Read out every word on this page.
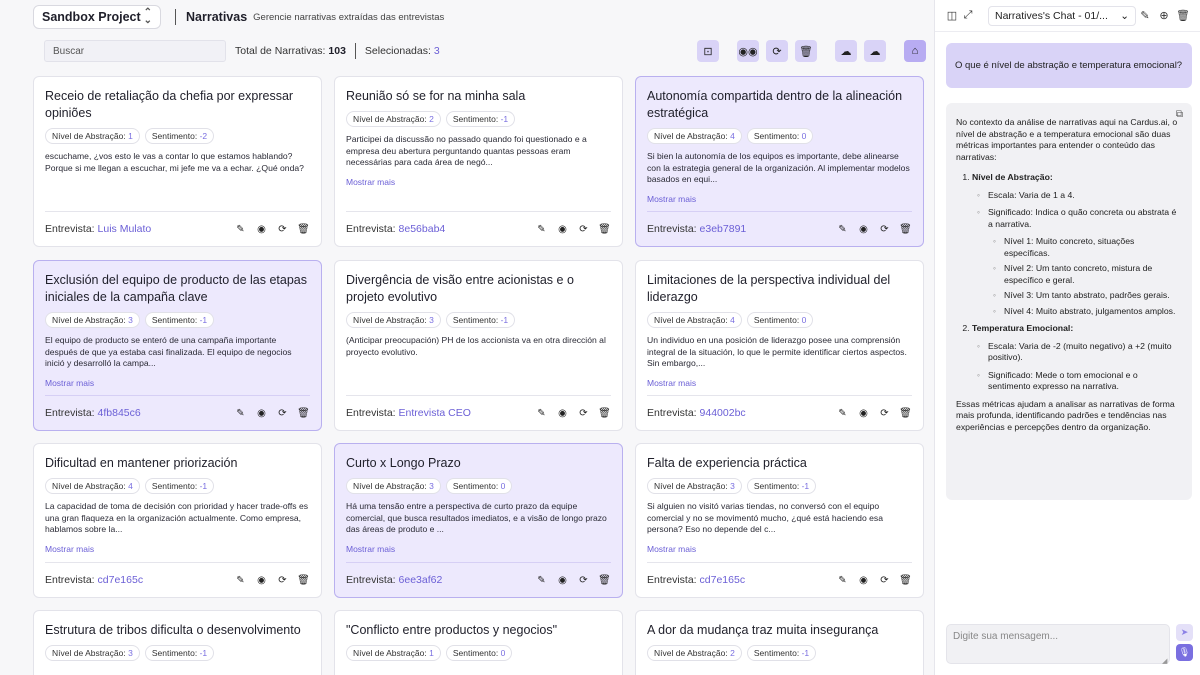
Sandbox Project ⌃
⌄	Narrativas Gerencie narrativas extraídas das entrevistas
Buscar
Total de Narrativas: 103 Selecionadas: 3	⊡ ◉◉ ⟳ 🗑	☁ ☁	⌂
Receio de retaliação da chefia por expressar opiniões
Nível de Abstração: 1	Sentimento: -2
escuchame, ¿vos esto le vas a contar lo que estamos hablando? Porque si me llegan a escuchar, mi jefe me va a echar. ¿Qué onda?
Entrevista: Luis Mulato	✎ ◉ ⟳ 🗑
Reunião só se for na minha sala
Nível de Abstração: 2	Sentimento: -1
Participei da discussão no passado quando foi questionado e a empresa deu abertura perguntando quantas pessoas eram necessárias para cada área de negó...
Mostrar mais
Entrevista: 8e56bab4	✎ ◉ ⟳ 🗑
Autonomía compartida dentro de la alineación estratégica
Nível de Abstração: 4	Sentimento: 0
Si bien la autonomía de los equipos es importante, debe alinearse con la estrategia general de la organización. Al implementar modelos basados en equi...
Mostrar mais
Entrevista: e3eb7891	✎ ◉ ⟳ 🗑
Exclusión del equipo de producto de las etapas iniciales de la campaña clave
Nível de Abstração: 3	Sentimento: -1
El equipo de producto se enteró de una campaña importante después de que ya estaba casi finalizada. El equipo de negocios inició y desarrolló la campa...
Mostrar mais
Entrevista: 4fb845c6	✎ ◉ ⟳ 🗑
Divergência de visão entre acionistas e o projeto evolutivo
Nível de Abstração: 3	Sentimento: -1
(Anticipar preocupación) PH de los accionista va en otra dirección al proyecto evolutivo.
Entrevista: Entrevista CEO	✎ ◉ ⟳ 🗑
Limitaciones de la perspectiva individual del liderazgo
Nível de Abstração: 4	Sentimento: 0
Un individuo en una posición de liderazgo posee una comprensión integral de la situación, lo que le permite identificar ciertos aspectos. Sin embargo,...
Mostrar mais
Entrevista: 944002bc	✎ ◉ ⟳ 🗑
Dificultad en mantener priorización
Nível de Abstração: 4	Sentimento: -1
La capacidad de toma de decisión con prioridad y hacer trade-offs es una gran flaqueza en la organización actualmente. Como empresa, hablamos sobre la...
Mostrar mais
Entrevista: cd7e165c	✎ ◉ ⟳ 🗑
Curto x Longo Prazo
Nível de Abstração: 3	Sentimento: 0
Há uma tensão entre a perspectiva de curto prazo da equipe comercial, que busca resultados imediatos, e a visão de longo prazo das áreas de produto e ...
Mostrar mais
Entrevista: 6ee3af62	✎ ◉ ⟳ 🗑
Falta de experiencia práctica
Nível de Abstração: 3	Sentimento: -1
Si alguien no visitó varias tiendas, no conversó con el equipo comercial y no se movimentó mucho, ¿qué está haciendo esa persona? Eso no depende del c...
Mostrar mais
Entrevista: cd7e165c	✎ ◉ ⟳ 🗑
Estrutura de tribos dificulta o desenvolvimento
Nível de Abstração: 3	Sentimento: -1
"Conflicto entre productos y negocios"
Nível de Abstração: 1	Sentimento: 0
A dor da mudança traz muita insegurança
Nível de Abstração: 2	Sentimento: -1
◫ ⤢	Narratives's Chat - 01/... ⌄	✎ ⊕ 🗑
O que é nível de abstração e temperatura emocional?
⧉

No contexto da análise de narrativas aqui na Cardus.ai, o nível de abstração e a temperatura emocional são duas métricas importantes para entender o conteúdo das narrativas:

1. Nível de Abstração:
◦ Escala: Varia de 1 a 4.
◦ Significado: Indica o quão concreta ou abstrata é a narrativa.
◦ Nível 1: Muito concreto, situações específicas.
◦ Nível 2: Um tanto concreto, mistura de específico e geral.
◦ Nível 3: Um tanto abstrato, padrões gerais.
◦ Nível 4: Muito abstrato, julgamentos amplos.
2. Temperatura Emocional:
◦ Escala: Varia de -2 (muito negativo) a +2 (muito positivo).
◦ Significado: Mede o tom emocional e o sentimento expresso na narrativa.

Essas métricas ajudam a analisar as narrativas de forma mais profunda, identificando padrões e tendências nas experiências e percepções dentro da organização.

Digite sua mensagem...
◢
➤
🎙
